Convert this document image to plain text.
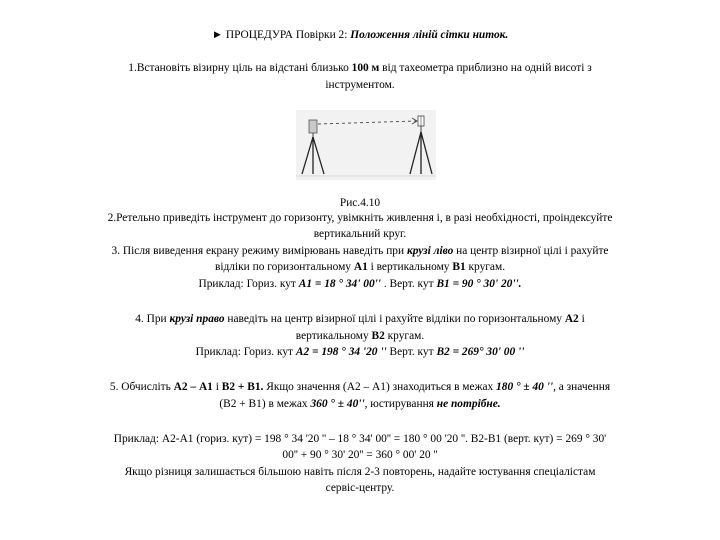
► ПРОЦЕДУРА Повірки 2: Положення ліній сітки ниток.
1.Встановіть візирну ціль на відстані близько 100 м від тахеометра приблизно на одній висоті з
інструментом.
Рис.4.10
2.Ретельно приведіть інструмент до горизонту, увімкніть живлення і, в разі необхідності, проіндексуйте
вертикальний круг.
3. Після виведення екрану режиму вимірювань наведіть при крузі ліво на центр візирної цілі і рахуйте
відліки по горизонтальному А1 і вертикальному В1 кругам.
Приклад: Гориз. кут А1 = 18 ° 34' 00'' . Верт. кут В1 = 90 ° 30' 20''.
4. При крузі право наведіть на центр візирної цілі і рахуйте відліки по горизонтальному А2 і
вертикальному В2 кругам.
Приклад: Гориз. кут А2 = 198 ° 34 '20 '' Верт. кут В2 = 269° 30' 00 ''
5. Обчисліть А2 – А1 і В2 + В1. Якщо значення (А2 – А1) знаходиться в межах 180 ° ± 40 '', а значення
(В2 + В1) в межах 360 ° ± 40'', юстирування не потрібне.
Приклад: А2-А1 (гориз. кут) = 198 ° 34 '20 '' – 18 ° 34' 00'' = 180 ° 00 '20 ''. В2-В1 (верт. кут) = 269 ° 30'
00'' + 90 ° 30' 20'' = 360 ° 00' 20 ''
Якщо різниця залишається більшою навіть після 2-3 повторень, надайте юстування спеціалістам
сервіс-центру.
